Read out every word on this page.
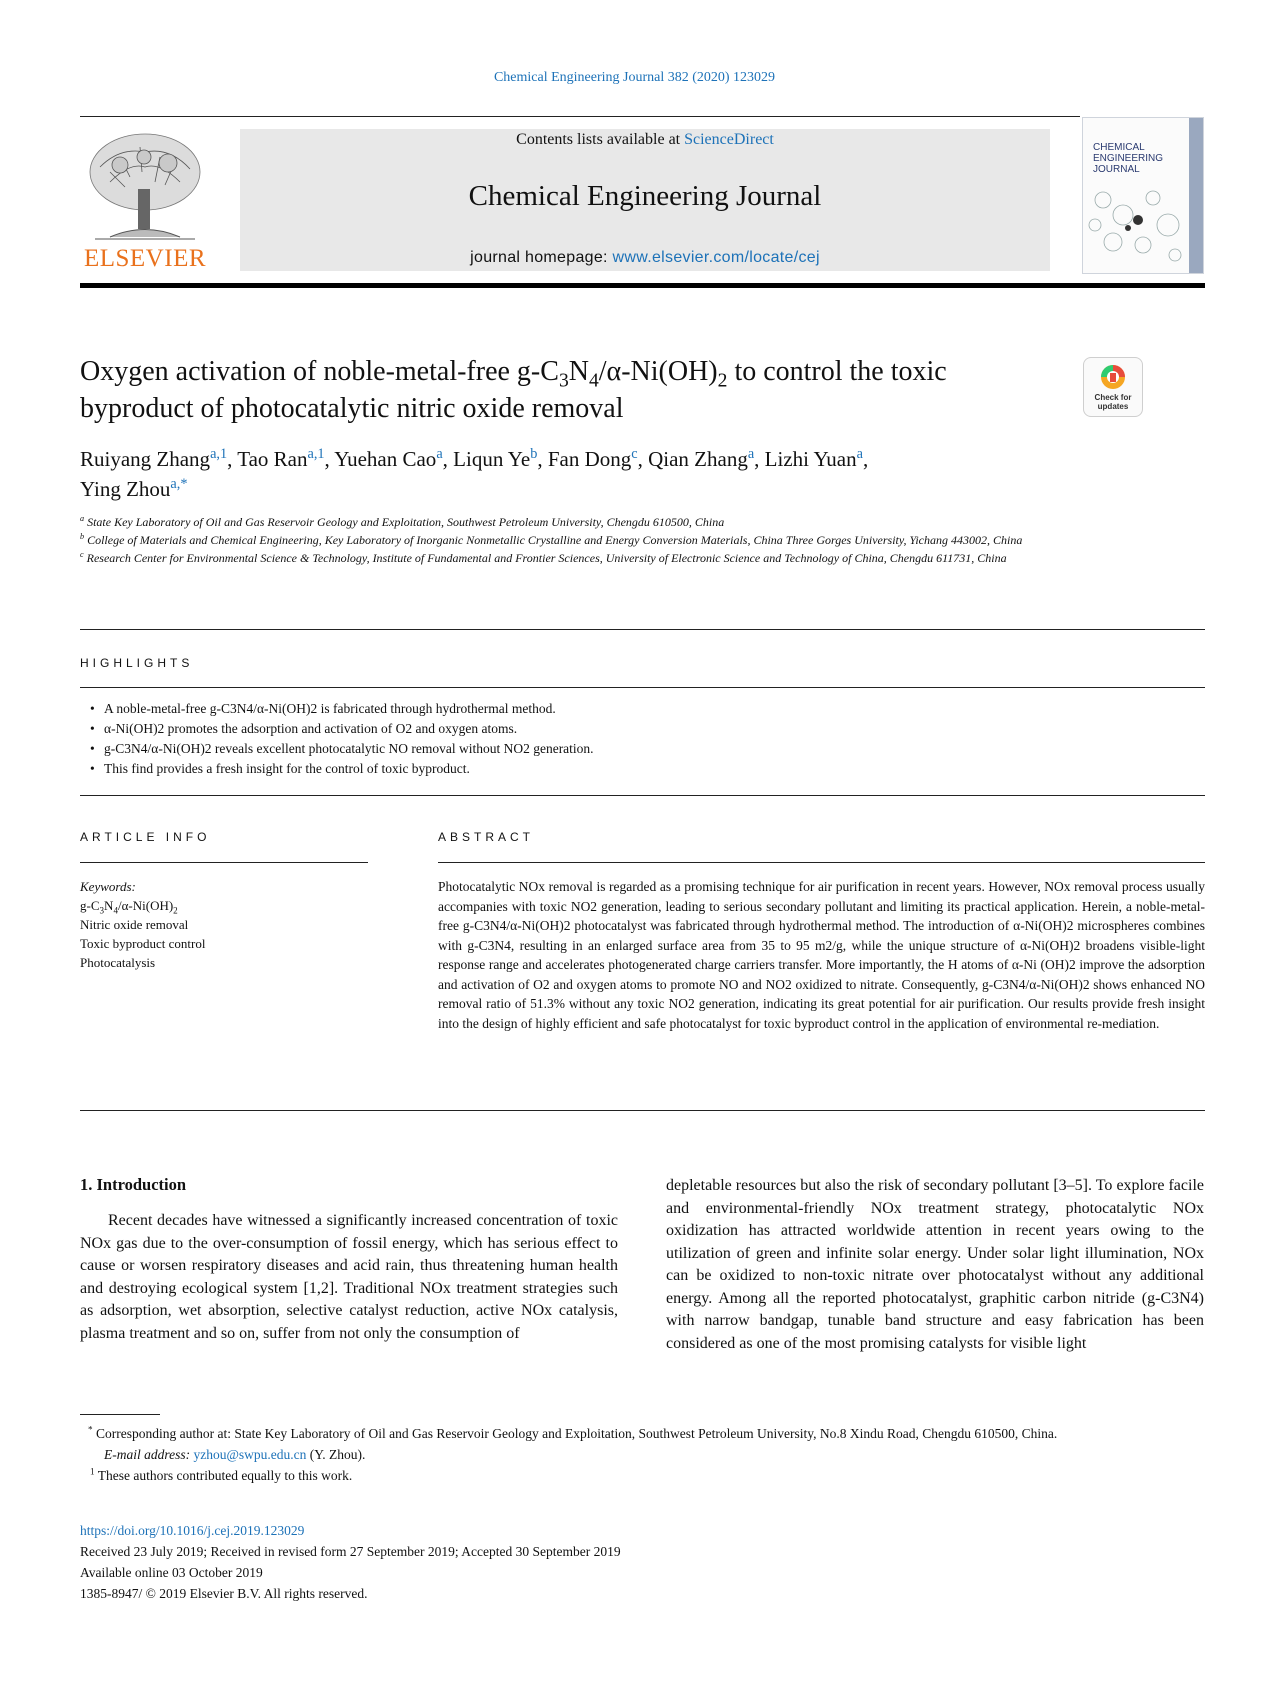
Chemical Engineering Journal 382 (2020) 123029
ELSEVIER
Contents lists available at ScienceDirect
Chemical Engineering Journal
journal homepage: www.elsevier.com/locate/cej
CHEMICAL ENGINEERING JOURNAL
Oxygen activation of noble-metal-free $g-C_3N_4/\alpha-Ni(OH)_2$ to control the toxic
byproduct of photocatalytic nitric oxide removal	Check for
updates
Ruiyang Zhang$^{a,1}$, Tao Ran$^{a,1}$, Yuehan Cao$^a$, Liqun Ye$^b$, Fan Dong$^c$, Qian Zhang$^a$, Lizhi Yuan$^a$,
Ying Zhou$^{a,*}$

$^a$ State Key Laboratory of Oil and Gas Reservoir Geology and Exploitation, Southwest Petroleum University, Chengdu 610500, China

$^b$ College of Materials and Chemical Engineering, Key Laboratory of Inorganic Nonmetallic Crystalline and Energy Conversion Materials, China Three Gorges University, Yichang 443002, China

$^c$ Research Center for Environmental Science & Technology, Institute of Fundamental and Frontier Sciences, University of Electronic Science and Technology of China, Chengdu 611731, China

HIGHLIGHTS
• A noble-metal-free g-C3N4/α-Ni(OH)2 is fabricated through hydrothermal method.
• α-Ni(OH)2 promotes the adsorption and activation of O2 and oxygen atoms.
• g-C3N4/α-Ni(OH)2 reveals excellent photocatalytic NO removal without NO2 generation.
• This find provides a fresh insight for the control of toxic byproduct.
ARTICLE INFO	ABSTRACT
Keywords:
$g-C_3N_4/\alpha-Ni(OH)_2$
Nitric oxide removal
Toxic byproduct control
Photocatalysis
Photocatalytic NOx removal is regarded as a promising technique for air purification in recent years. However, NOx removal process usually accompanies with toxic NO2 generation, leading to serious secondary pollutant and limiting its practical application. Herein, a noble-metal-free g-C3N4/α-Ni(OH)2 photocatalyst was fabricated through hydrothermal method. The introduction of α-Ni(OH)2 microspheres combines with g-C3N4, resulting in an enlarged surface area from 35 to 95 m2/g, while the unique structure of α-Ni(OH)2 broadens visible-light response range and accelerates photogenerated charge carriers transfer. More importantly, the H atoms of α-Ni (OH)2 improve the adsorption and activation of O2 and oxygen atoms to promote NO and NO2 oxidized to nitrate. Consequently, g-C3N4/α-Ni(OH)2 shows enhanced NO removal ratio of 51.3% without any toxic NO2 generation, indicating its great potential for air purification. Our results provide fresh insight into the design of highly efficient and safe photocatalyst for toxic byproduct control in the application of environmental re-mediation.
1. Introduction

Recent decades have witnessed a significantly increased concentration of toxic NOx gas due to the over-consumption of fossil energy, which has serious effect to cause or worsen respiratory diseases and acid rain, thus threatening human health and destroying ecological system [1,2]. Traditional NOx treatment strategies such as adsorption, wet absorption, selective catalyst reduction, active NOx catalysis, plasma treatment and so on, suffer from not only the consumption of

depletable resources but also the risk of secondary pollutant [3–5]. To explore facile and environmental-friendly NOx treatment strategy, photocatalytic NOx oxidization has attracted worldwide attention in recent years owing to the utilization of green and infinite solar energy. Under solar light illumination, NOx can be oxidized to non-toxic nitrate over photocatalyst without any additional energy. Among all the reported photocatalyst, graphitic carbon nitride (g-C3N4) with narrow bandgap, tunable band structure and easy fabrication has been considered as one of the most promising catalysts for visible light

* Corresponding author at: State Key Laboratory of Oil and Gas Reservoir Geology and Exploitation, Southwest Petroleum University, No.8 Xindu Road, Chengdu 610500, China.
E-mail address: yzhou@swpu.edu.cn (Y. Zhou).
$^1$ These authors contributed equally to this work.
https://doi.org/10.1016/j.cej.2019.123029
Received 23 July 2019; Received in revised form 27 September 2019; Accepted 30 September 2019
Available online 03 October 2019
1385-8947/ © 2019 Elsevier B.V. All rights reserved.
